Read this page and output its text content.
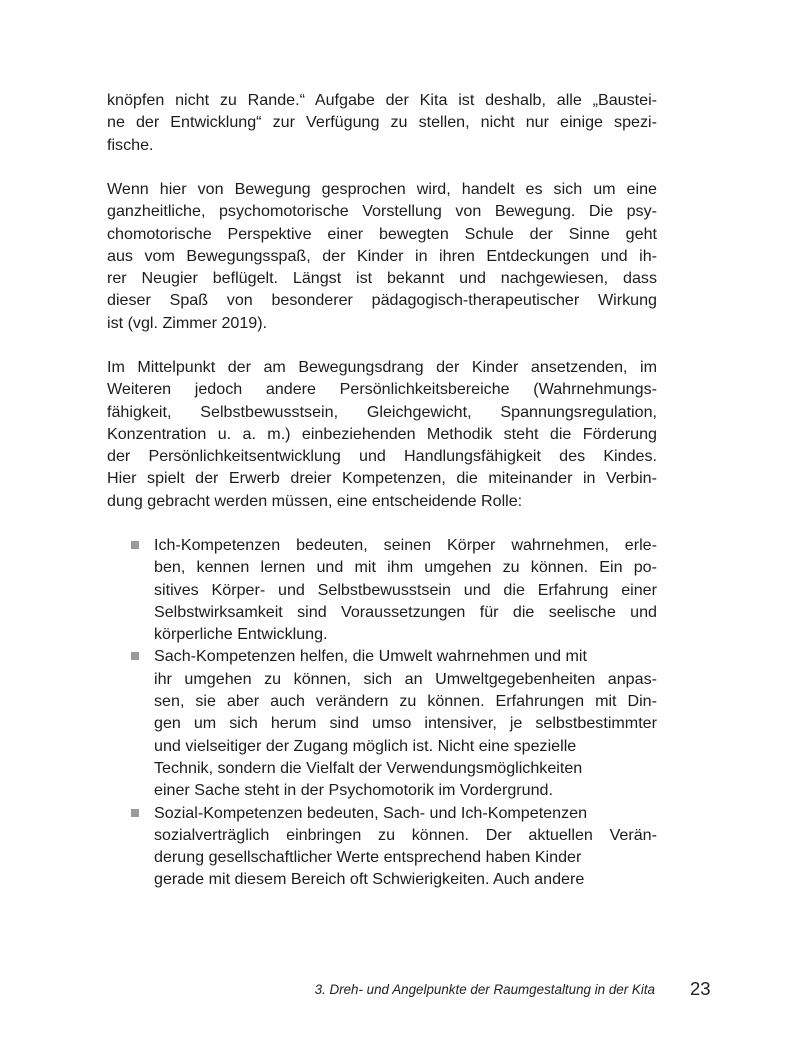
knöpfen nicht zu Rande.“ Aufgabe der Kita ist deshalb, alle „Baustei-
ne der Entwicklung“ zur Verfügung zu stellen, nicht nur einige spezi-
fische.
Wenn hier von Bewegung gesprochen wird, handelt es sich um eine
ganzheitliche, psychomotorische Vorstellung von Bewegung. Die psy-
chomotorische Perspektive einer bewegten Schule der Sinne geht
aus vom Bewegungsspaß, der Kinder in ihren Entdeckungen und ih-
rer Neugier beflügelt. Längst ist bekannt und nachgewiesen, dass
dieser Spaß von besonderer pädagogisch-therapeutischer Wirkung
ist (vgl. Zimmer 2019).
Im Mittelpunkt der am Bewegungsdrang der Kinder ansetzenden, im
Weiteren jedoch andere Persönlichkeitsbereiche (Wahrnehmungs-
fähigkeit, Selbstbewusstsein, Gleichgewicht, Spannungsregulation,
Konzentration u. a. m.) einbeziehenden Methodik steht die Förderung
der Persönlichkeitsentwicklung und Handlungsfähigkeit des Kindes.
Hier spielt der Erwerb dreier Kompetenzen, die miteinander in Verbin-
dung gebracht werden müssen, eine entscheidende Rolle:
Ich-Kompetenzen bedeuten, seinen Körper wahrnehmen, erle-
ben, kennen lernen und mit ihm umgehen zu können. Ein po-
sitives Körper- und Selbstbewusstsein und die Erfahrung einer
Selbstwirksamkeit sind Voraussetzungen für die seelische und
körperliche Entwicklung.
Sach-Kompetenzen helfen, die Umwelt wahrnehmen und mit
ihr umgehen zu können, sich an Umweltgegebenheiten anpas-
sen, sie aber auch verändern zu können. Erfahrungen mit Din-
gen um sich herum sind umso intensiver, je selbstbestimmter
und vielseitiger der Zugang möglich ist. Nicht eine spezielle
Technik, sondern die Vielfalt der Verwendungsmöglichkeiten
einer Sache steht in der Psychomotorik im Vordergrund.
Sozial-Kompetenzen bedeuten, Sach- und Ich-Kompetenzen
sozialverträglich einbringen zu können. Der aktuellen Verän-
derung gesellschaftlicher Werte entsprechend haben Kinder
gerade mit diesem Bereich oft Schwierigkeiten. Auch andere
3. Dreh- und Angelpunkte der Raumgestaltung in der Kita 23
